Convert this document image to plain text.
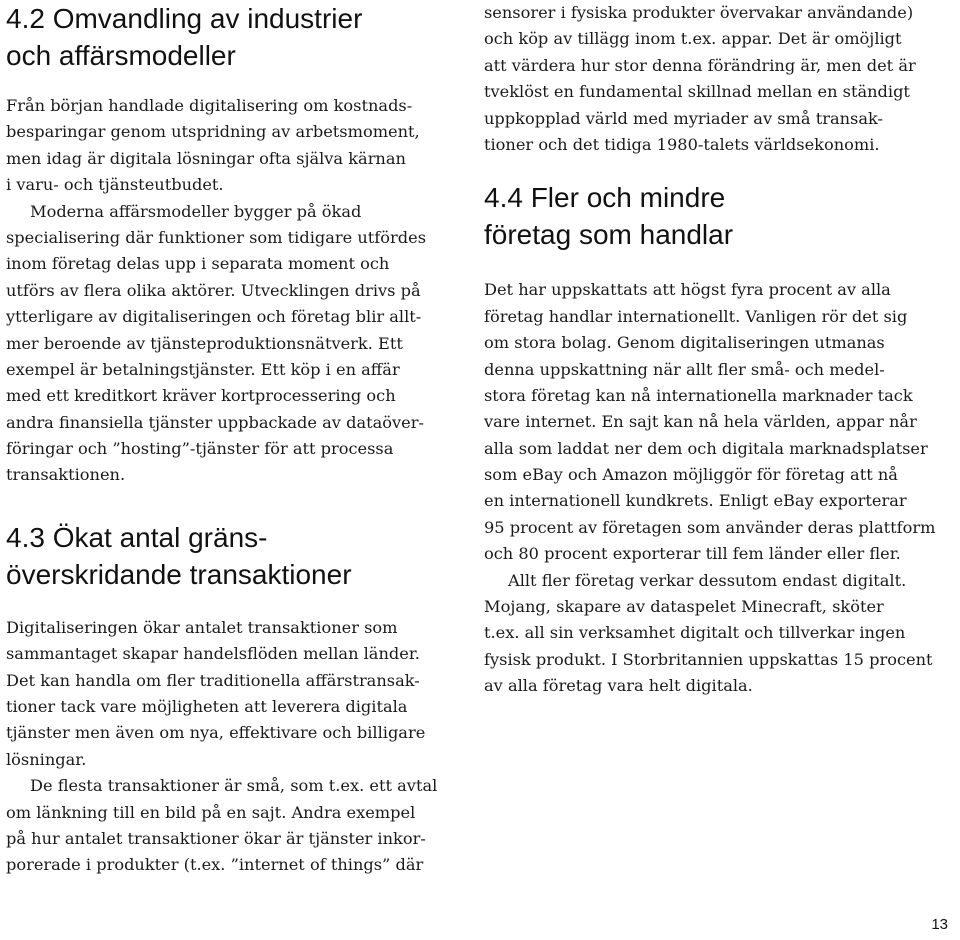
4.2 Omvandling av industrier
och affärsmodeller
Från början handlade digitalisering om kostnads-
besparingar genom utspridning av arbetsmoment,
men idag är digitala lösningar ofta själva kärnan
i varu- och tjänsteutbudet.
Moderna affärsmodeller bygger på ökad
specialisering där funktioner som tidigare utfördes
inom företag delas upp i separata moment och
utförs av flera olika aktörer. Utvecklingen drivs på
ytterligare av digitaliseringen och företag blir allt-
mer beroende av tjänsteproduktionsnätverk. Ett
exempel är betalningstjänster. Ett köp i en affär
med ett kreditkort kräver kortprocessering och
andra finansiella tjänster uppbackade av dataöver-
föringar och ”hosting”-tjänster för att processa
transaktionen.
4.3 Ökat antal gräns-
överskridande transaktioner
Digitaliseringen ökar antalet transaktioner som
sammantaget skapar handelsflöden mellan länder.
Det kan handla om fler traditionella affärstransak-
tioner tack vare möjligheten att leverera digitala
tjänster men även om nya, effektivare och billigare
lösningar.
De flesta transaktioner är små, som t.ex. ett avtal
om länkning till en bild på en sajt. Andra exempel
på hur antalet transaktioner ökar är tjänster inkor-
porerade i produkter (t.ex. ”internet of things” där
sensorer i fysiska produkter övervakar användande)
och köp av tillägg inom t.ex. appar. Det är omöjligt
att värdera hur stor denna förändring är, men det är
tveklöst en fundamental skillnad mellan en ständigt
uppkopplad värld med myriader av små transak-
tioner och det tidiga 1980-talets världsekonomi.
4.4 Fler och mindre
företag som handlar
Det har uppskattats att högst fyra procent av alla
företag handlar internationellt. Vanligen rör det sig
om stora bolag. Genom digitaliseringen utmanas
denna uppskattning när allt fler små- och medel-
stora företag kan nå internationella marknader tack
vare internet. En sajt kan nå hela världen, appar når
alla som laddat ner dem och digitala marknadsplatser
som eBay och Amazon möjliggör för företag att nå
en internationell kundkrets. Enligt eBay exporterar
95 procent av företagen som använder deras plattform
och 80 procent exporterar till fem länder eller fler.
Allt fler företag verkar dessutom endast digitalt.
Mojang, skapare av dataspelet Minecraft, sköter
t.ex. all sin verksamhet digitalt och tillverkar ingen
fysisk produkt. I Storbritannien uppskattas 15 procent
av alla företag vara helt digitala.
13
